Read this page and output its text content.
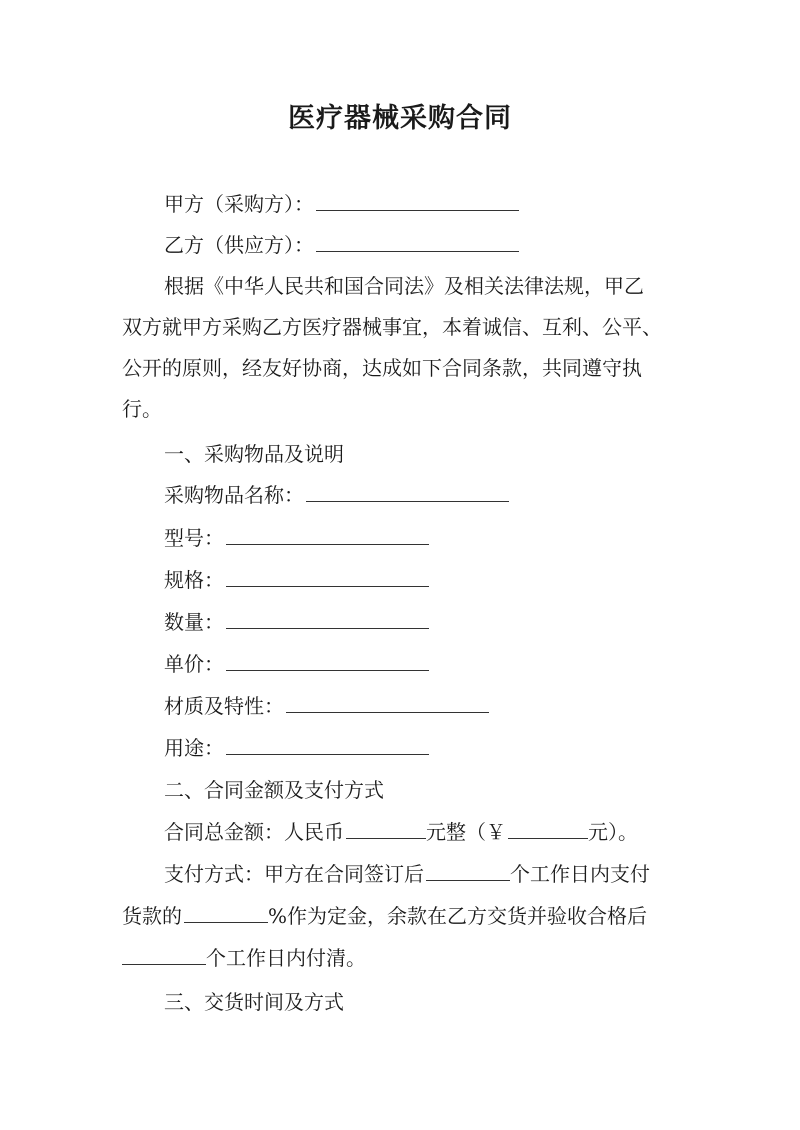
医疗器械采购合同
甲方（采购方）：
乙方（供应方）：
根据《中华人民共和国合同法》及相关法律法规，甲乙
双方就甲方采购乙方医疗器械事宜，本着诚信、互利、公平、
公开的原则，经友好协商，达成如下合同条款，共同遵守执
行。
一、采购物品及说明
采购物品名称：
型号：
规格：
数量：
单价：
材质及特性：
用途：
二、合同金额及支付方式
合同总金额：人民币	元整（￥	元）。
支付方式：甲方在合同签订后	个工作日内支付
货款的	%作为定金，余款在乙方交货并验收合格后
个工作日内付清。
三、交货时间及方式
